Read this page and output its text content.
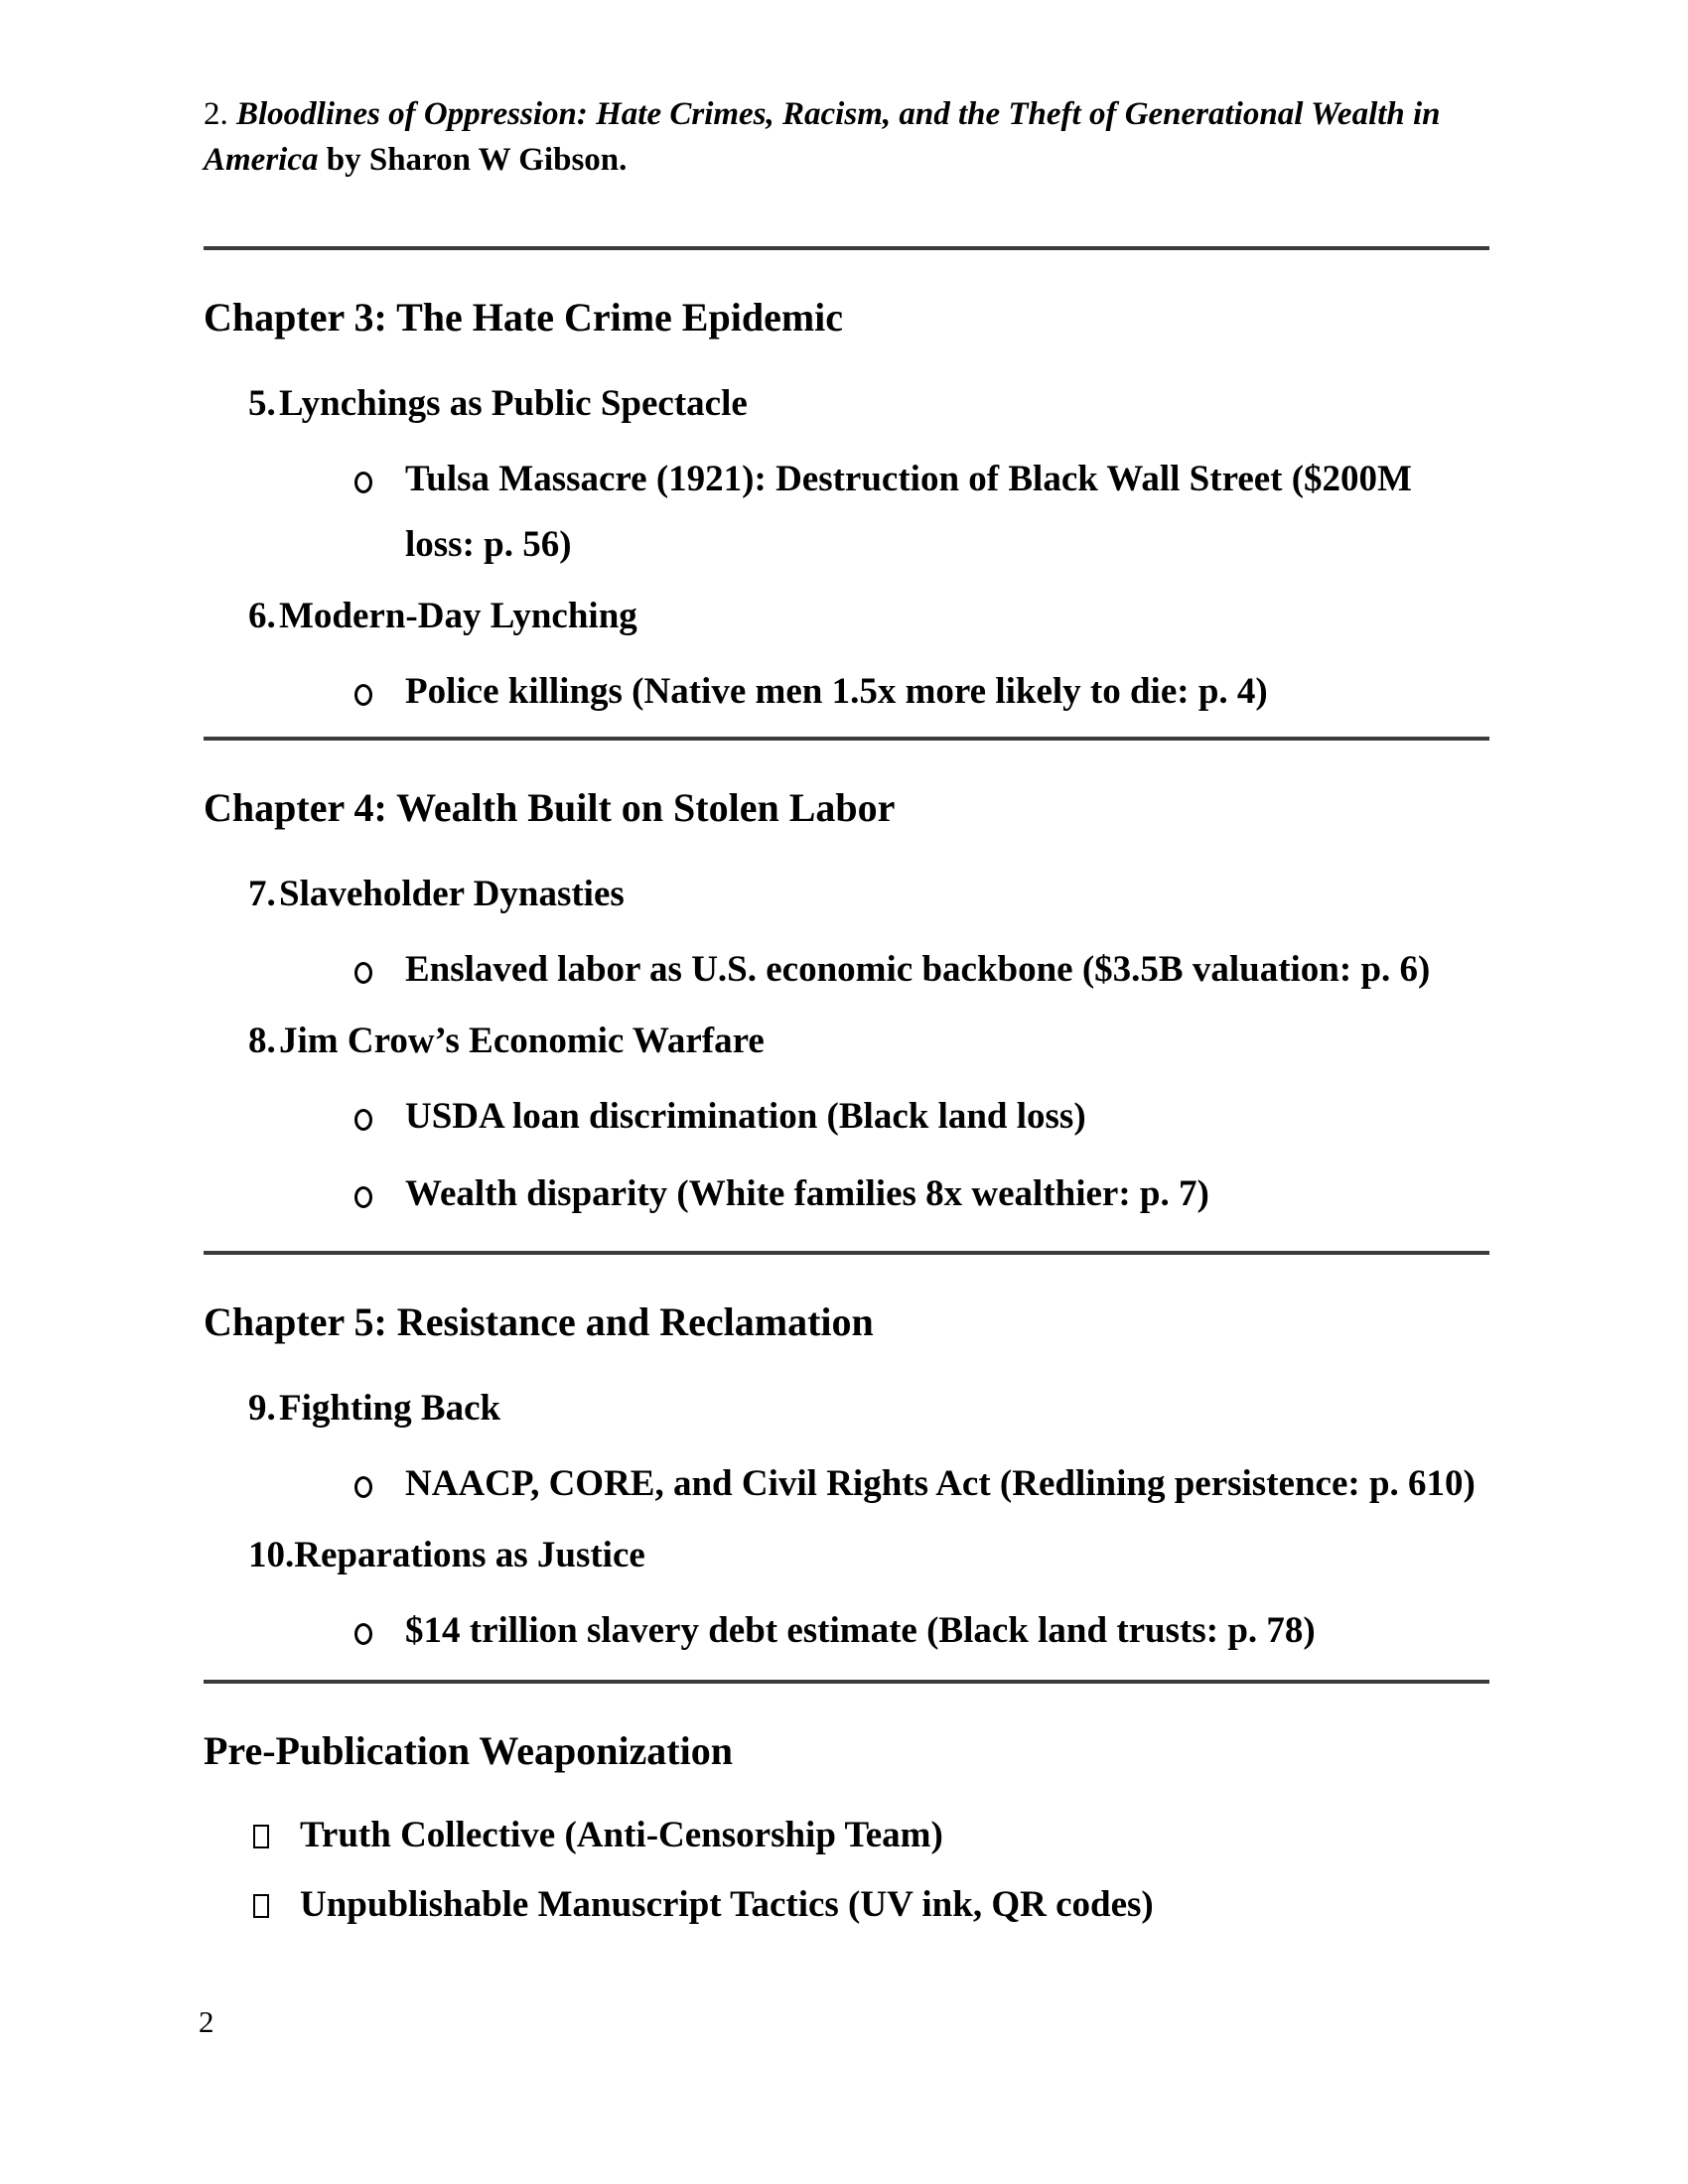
2. Bloodlines of Oppression: Hate Crimes, Racism, and the Theft of Generational Wealth in America by Sharon W Gibson.

Chapter 3: The Hate Crime Epidemic
5. Lynchings as Public Spectacle
Tulsa Massacre (1921): Destruction of Black Wall Street ($200M loss: p. 56)
6. Modern-Day Lynching
Police killings (Native men 1.5x more likely to die: p. 4)
Chapter 4: Wealth Built on Stolen Labor
7. Slaveholder Dynasties
Enslaved labor as U.S. economic backbone ($3.5B valuation: p. 6)
8. Jim Crow’s Economic Warfare
USDA loan discrimination (Black land loss)
Wealth disparity (White families 8x wealthier: p. 7)
Chapter 5: Resistance and Reclamation
9. Fighting Back
NAACP, CORE, and Civil Rights Act (Redlining persistence: p. 610)
10. Reparations as Justice
$14 trillion slavery debt estimate (Black land trusts: p. 78)
Pre-Publication Weaponization
Truth Collective (Anti-Censorship Team)
Unpublishable Manuscript Tactics (UV ink, QR codes)
2
